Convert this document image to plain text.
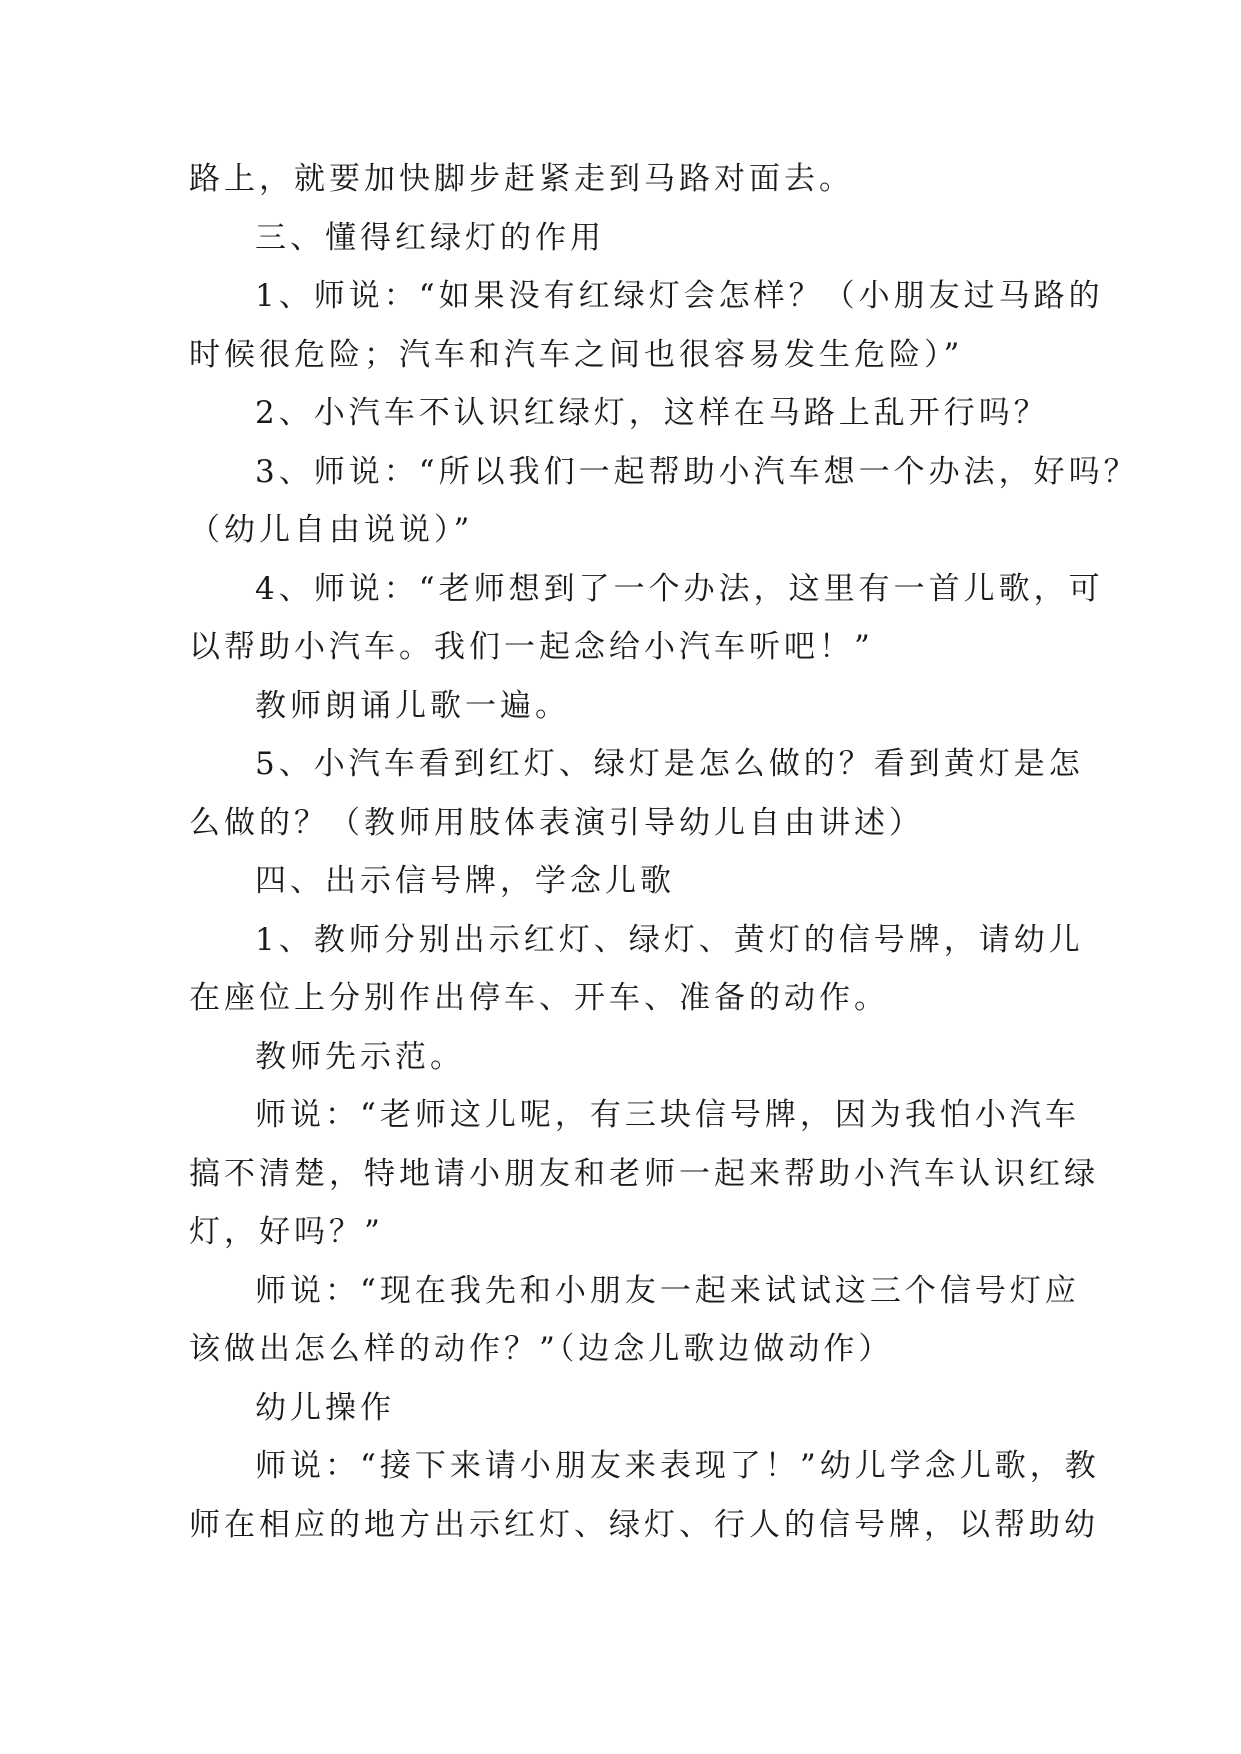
路上，就要加快脚步赶紧走到马路对面去。

三、懂得红绿灯的作用

1、师说：“如果没有红绿灯会怎样？（小朋友过马路的

时候很危险；汽车和汽车之间也很容易发生危险）”

2、小汽车不认识红绿灯，这样在马路上乱开行吗？

3、师说：“所以我们一起帮助小汽车想一个办法，好吗？

（幼儿自由说说）”

4、师说：“老师想到了一个办法，这里有一首儿歌，可

以帮助小汽车。我们一起念给小汽车听吧！”

教师朗诵儿歌一遍。

5、小汽车看到红灯、绿灯是怎么做的？看到黄灯是怎

么做的？（教师用肢体表演引导幼儿自由讲述）

四、出示信号牌，学念儿歌

1、教师分别出示红灯、绿灯、黄灯的信号牌，请幼儿

在座位上分别作出停车、开车、准备的动作。

教师先示范。

师说：“老师这儿呢，有三块信号牌，因为我怕小汽车

搞不清楚，特地请小朋友和老师一起来帮助小汽车认识红绿

灯，好吗？”

师说：“现在我先和小朋友一起来试试这三个信号灯应

该做出怎么样的动作？”（边念儿歌边做动作）

幼儿操作

师说：“接下来请小朋友来表现了！”幼儿学念儿歌，教

师在相应的地方出示红灯、绿灯、行人的信号牌，以帮助幼
